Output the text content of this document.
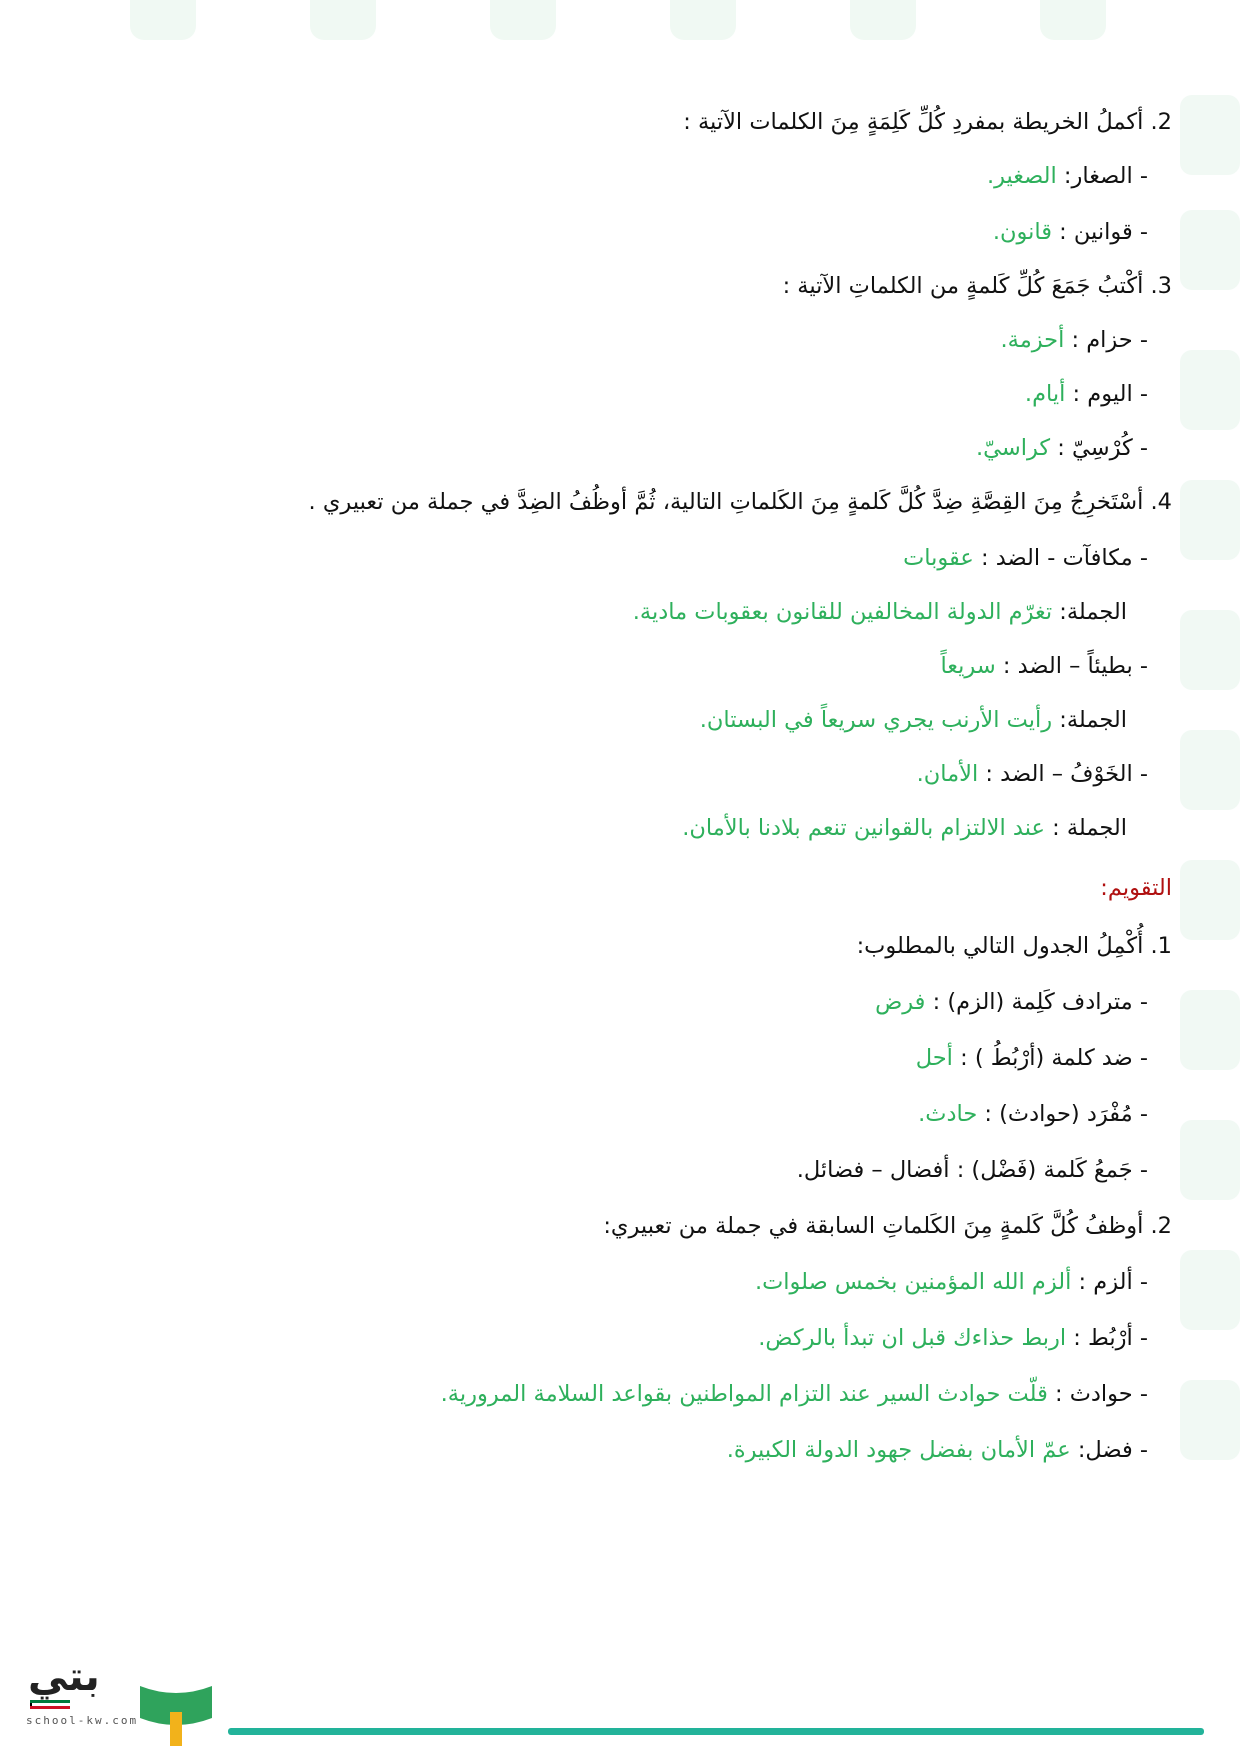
2. أكملُ الخريطة بمفردِ كُلِّ كَلِمَةٍ مِنَ الكلمات الآتية :
- الصغار: الصغير.
- قوانين : قانون.
3. أكْتبُ جَمَعَ كُلِّ كَلمةٍ من الكلماتِ الآتية :
- حزام : أحزمة.
- اليوم : أيام.
- كُرْسِيّ : كراسيّ.
4. أسْتَخرِجُ مِنَ القِصَّةِ ضِدَّ كُلَّ كَلمةٍ مِنَ الكَلماتِ التالية، ثُمَّ أوظُفُ الضِدَّ في جملة من تعبيري .
- مكافآت - الضد : عقوبات
الجملة: تغرّم الدولة المخالفين للقانون بعقوبات مادية.
- بطيئاً – الضد : سريعاً
الجملة: رأيت الأرنب يجري سريعاً في البستان.
- الخَوْفُ – الضد : الأمان.
الجملة : عند الالتزام بالقوانين تنعم بلادنا بالأمان.
التقويم:
1. أُكْمِلُ الجدول التالي بالمطلوب:
- مترادف كَلِمة (الزم) : فرض
- ضد كلمة (أرْبُطُ ) : أحل
- مُفْرَد (حوادث) : حادث.
- جَمعُ كَلمة (فَضْل) : أفضال – فضائل.
2. أوظفُ كُلَّ كَلمةٍ مِنَ الكَلماتِ السابقة في جملة من تعبيري:
- ألزم : ألزم الله المؤمنين بخمس صلوات.
- أرْبُط : اربط حذاءك قبل ان تبدأ بالركض.
- حوادث : قلّت حوادث السير عند التزام المواطنين بقواعد السلامة المرورية.
- فضل: عمّ الأمان بفضل جهود الدولة الكبيرة.
بتي
school-kw.com
